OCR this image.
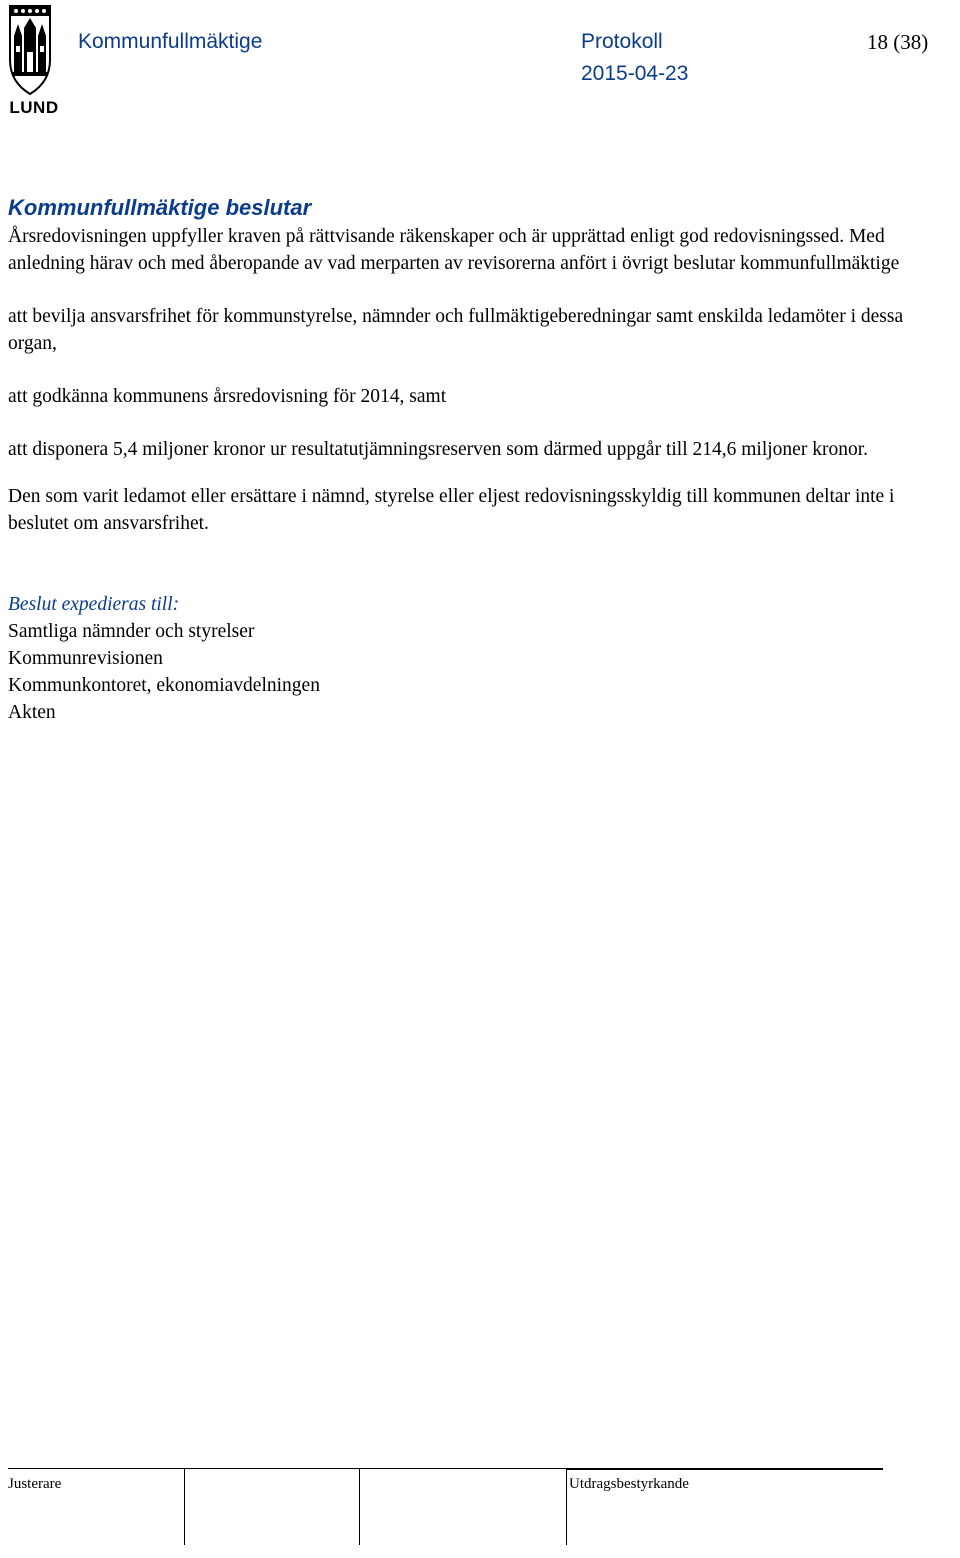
LUND
Kommunfullmäktige	Protokoll
2015-04-23
18 (38)
Kommunfullmäktige beslutar

Årsredovisningen uppfyller kraven på rättvisande räkenskaper och är upprättad enligt god redovisningssed. Med anledning härav och med åberopande av vad merparten av revisorerna anfört i övrigt beslutar kommunfullmäktige

att bevilja ansvarsfrihet för kommunstyrelse, nämnder och fullmäktigeberedningar samt enskilda ledamöter i dessa organ,

att godkänna kommunens årsredovisning för 2014, samt

att disponera 5,4 miljoner kronor ur resultatutjämningsreserven som därmed uppgår till 214,6 miljoner kronor.

Den som varit ledamot eller ersättare i nämnd, styrelse eller eljest redovisningsskyldig till kommunen deltar inte i beslutet om ansvarsfrihet.

Beslut expedieras till:

Samtliga nämnder och styrelser
Kommunrevisionen
Kommunkontoret, ekonomiavdelningen
Akten
Justerare	Utdragsbestyrkande
